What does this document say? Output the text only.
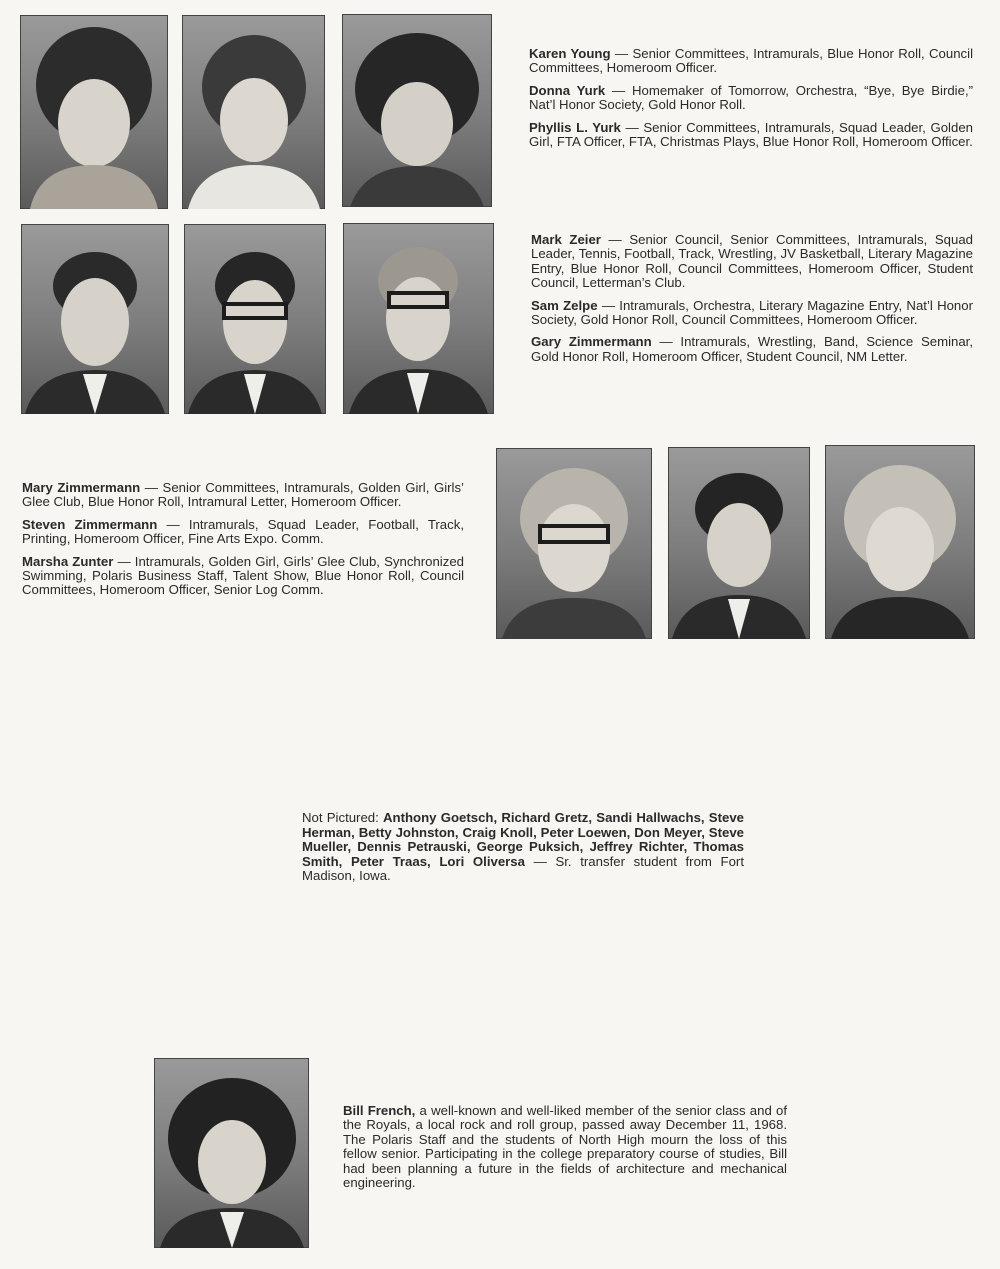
Karen Young — Senior Committees, Intramurals, Blue Honor Roll, Council Committees, Homeroom Officer.

Donna Yurk — Homemaker of Tomorrow, Orchestra, “Bye, Bye Birdie,” Nat’l Honor Society, Gold Honor Roll.

Phyllis L. Yurk — Senior Committees, Intramurals, Squad Leader, Golden Girl, FTA Officer, FTA, Christmas Plays, Blue Honor Roll, Homeroom Officer.

Mark Zeier — Senior Council, Senior Committees, Intramurals, Squad Leader, Tennis, Football, Track, Wrestling, JV Basketball, Literary Magazine Entry, Blue Honor Roll, Council Committees, Homeroom Officer, Student Council, Letterman’s Club.

Sam Zelpe — Intramurals, Orchestra, Literary Magazine Entry, Nat’l Honor Society, Gold Honor Roll, Council Committees, Homeroom Officer.

Gary Zimmermann — Intramurals, Wrestling, Band, Science Seminar, Gold Honor Roll, Homeroom Officer, Student Council, NM Letter.

Mary Zimmermann — Senior Committees, Intramurals, Golden Girl, Girls’ Glee Club, Blue Honor Roll, Intramural Letter, Homeroom Officer.

Steven Zimmermann — Intramurals, Squad Leader, Football, Track, Printing, Homeroom Officer, Fine Arts Expo. Comm.

Marsha Zunter — Intramurals, Golden Girl, Girls’ Glee Club, Synchronized Swimming, Polaris Business Staff, Talent Show, Blue Honor Roll, Council Committees, Homeroom Officer, Senior Log Comm.

Not Pictured: Anthony Goetsch, Richard Gretz, Sandi Hallwachs, Steve Herman, Betty Johnston, Craig Knoll, Peter Loewen, Don Meyer, Steve Mueller, Dennis Petrauski, George Puksich, Jeffrey Richter, Thomas Smith, Peter Traas, Lori Oliversa — Sr. transfer student from Fort Madison, Iowa.
Bill French, a well-known and well-liked member of the senior class and of the Royals, a local rock and roll group, passed away December 11, 1968. The Polaris Staff and the students of North High mourn the loss of this fellow senior. Participating in the college preparatory course of studies, Bill had been planning a future in the fields of architecture and mechanical engineering.
